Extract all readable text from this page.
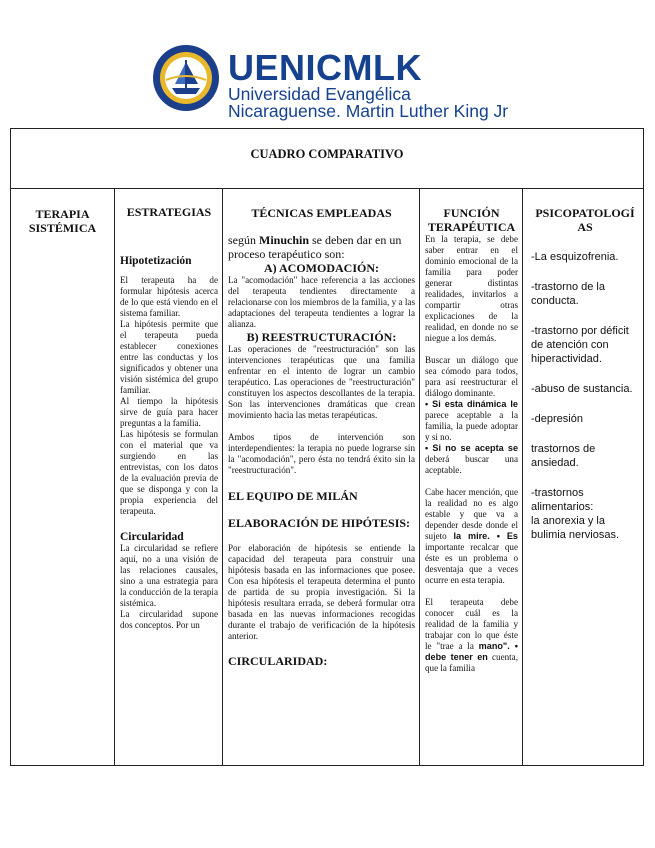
UENICMLK
Universidad Evangélica
Nicaraguense. Martin Luther King Jr
CUADRO COMPARATIVO
TERAPIA SISTÉMICA
ESTRATEGIAS
Hipotetización

El terapeuta ha de formular hipótesis acerca de lo que está viendo en el sistema familiar.

La hipótesis permite que el terapeuta pueda establecer conexiones entre las conductas y los significados y obtener una visión sistémica del grupo familiar.

Al tiempo la hipótesis sirve de guía para hacer preguntas a la familia.

Las hipótesis se formulan con el material que va surgiendo en las entrevistas, con los datos de la evaluación previa de que se disponga y con la propia experiencia del terapeuta.

Circularidad

La circularidad se refiere aquí, no a una visión de las relaciones causales, sino a una estrategia para la conducción de la terapia sistémica.

La circularidad supone dos conceptos. Por un

TÉCNICAS EMPLEADAS

según Minuchin se deben dar en un proceso terapéutico son:

A) ACOMODACIÓN:

La "acomodación" hace referencia a las acciones del terapeuta tendientes directamente a relacionarse con los miembros de la familia, y a las adaptaciones del terapeuta tendientes a lograr la alianza.

B) REESTRUCTURACIÓN:

Las operaciones de "reestructuración" son las intervenciones terapéuticas que una familia enfrentar en el intento de lograr un cambio terapéutico. Las operaciones de "reestructuración" constituyen los aspectos descollantes de la terapia. Son las intervenciones dramáticas que crean movimiento hacia las metas terapéuticas.

Ambos tipos de intervención son interdependientes: la terapia no puede lograrse sin la "acomodación", pero ésta no tendrá éxito sin la "reestructuración".

EL EQUIPO DE MILÁN
ELABORACIÓN DE HIPÓTESIS:

Por elaboración de hipótesis se entiende la capacidad del terapeuta para construir una hipótesis basada en las informaciones que posee. Con esa hipótesis el terapeuta determina el punto de partida de su propia investigación. Si la hipótesis resultara errada, se deberá formular otra basada en las nuevas informaciones recogidas durante el trabajo de verificación de la hipótesis anterior.

CIRCULARIDAD:
FUNCIÓN TERAPÉUTICA

En la terapia, se debe saber entrar en el dominio emocional de la familia para poder generar distintas realidades, invitarlos a compartir otras explicaciones de la realidad, en donde no se niegue a los demás.

Buscar un diálogo que sea cómodo para todos, para así reestructurar el diálogo dominante.

• Si esta dinámica le parece aceptable a la familia, la puede adoptar y si no.

• Si no se acepta se deberá buscar una aceptable.

Cabe hacer mención, que la realidad no es algo estable y que va a depender desde donde el sujeto la mire. • Es importante recalcar que éste es un problema o desventaja que a veces ocurre en esta terapia.

El terapeuta debe conocer cuál es la realidad de la familia y trabajar con lo que éste le "trae a la mano". • debe tener en cuenta, que la familia

PSICOPATOLOGÍAS

-La esquizofrenia.

-trastorno de la conducta.

-trastorno por déficit de atención con hiperactividad.

-abuso de sustancia.

-depresión

trastornos de ansiedad.

-trastornos alimentarios:

la anorexia y la bulimia nerviosas.
